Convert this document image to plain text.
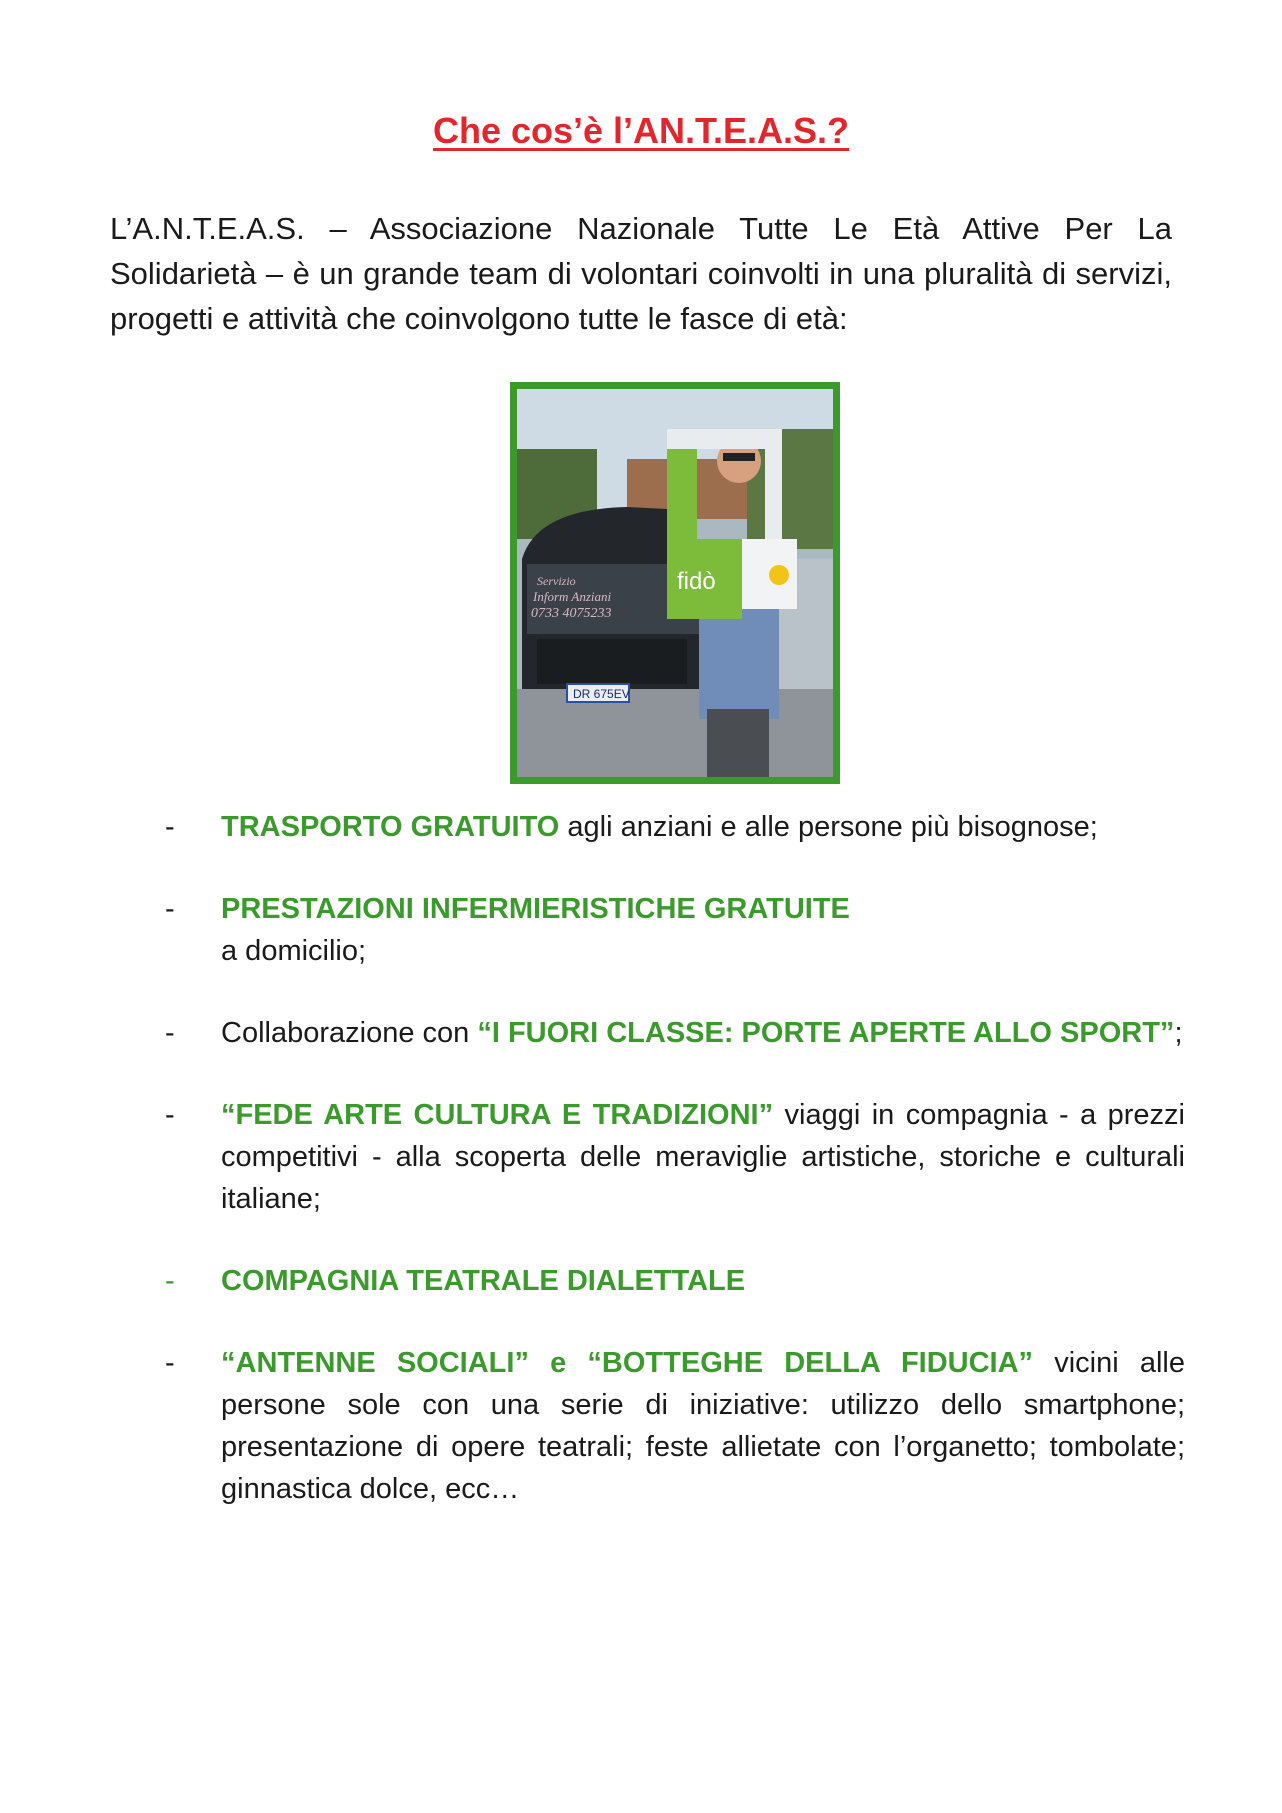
Che cos’è l’AN.T.E.A.S.?

L’A.N.T.E.A.S. – Associazione Nazionale Tutte Le Età Attive Per La Solidarietà – è un grande team di volontari coinvolti in una pluralità di servizi, progetti e attività che coinvolgono tutte le fasce di età:

Servizio
Inform Anziani
0733 4075233
DR 675EV
fidò
- TRASPORTO GRATUITO agli anziani e alle persone più bisognose;
- PRESTAZIONI INFERMIERISTICHE GRATUITE
a domicilio;
- Collaborazione con “I FUORI CLASSE: PORTE APERTE ALLO SPORT”;
- “FEDE ARTE CULTURA E TRADIZIONI” viaggi in compagnia - a prezzi competitivi - alla scoperta delle meraviglie artistiche, storiche e culturali italiane;
- COMPAGNIA TEATRALE DIALETTALE
- “ANTENNE SOCIALI” e “BOTTEGHE DELLA FIDUCIA” vicini alle persone sole con una serie di iniziative: utilizzo dello smartphone; presentazione di opere teatrali; feste allietate con l’organetto; tombolate; ginnastica dolce, ecc…
